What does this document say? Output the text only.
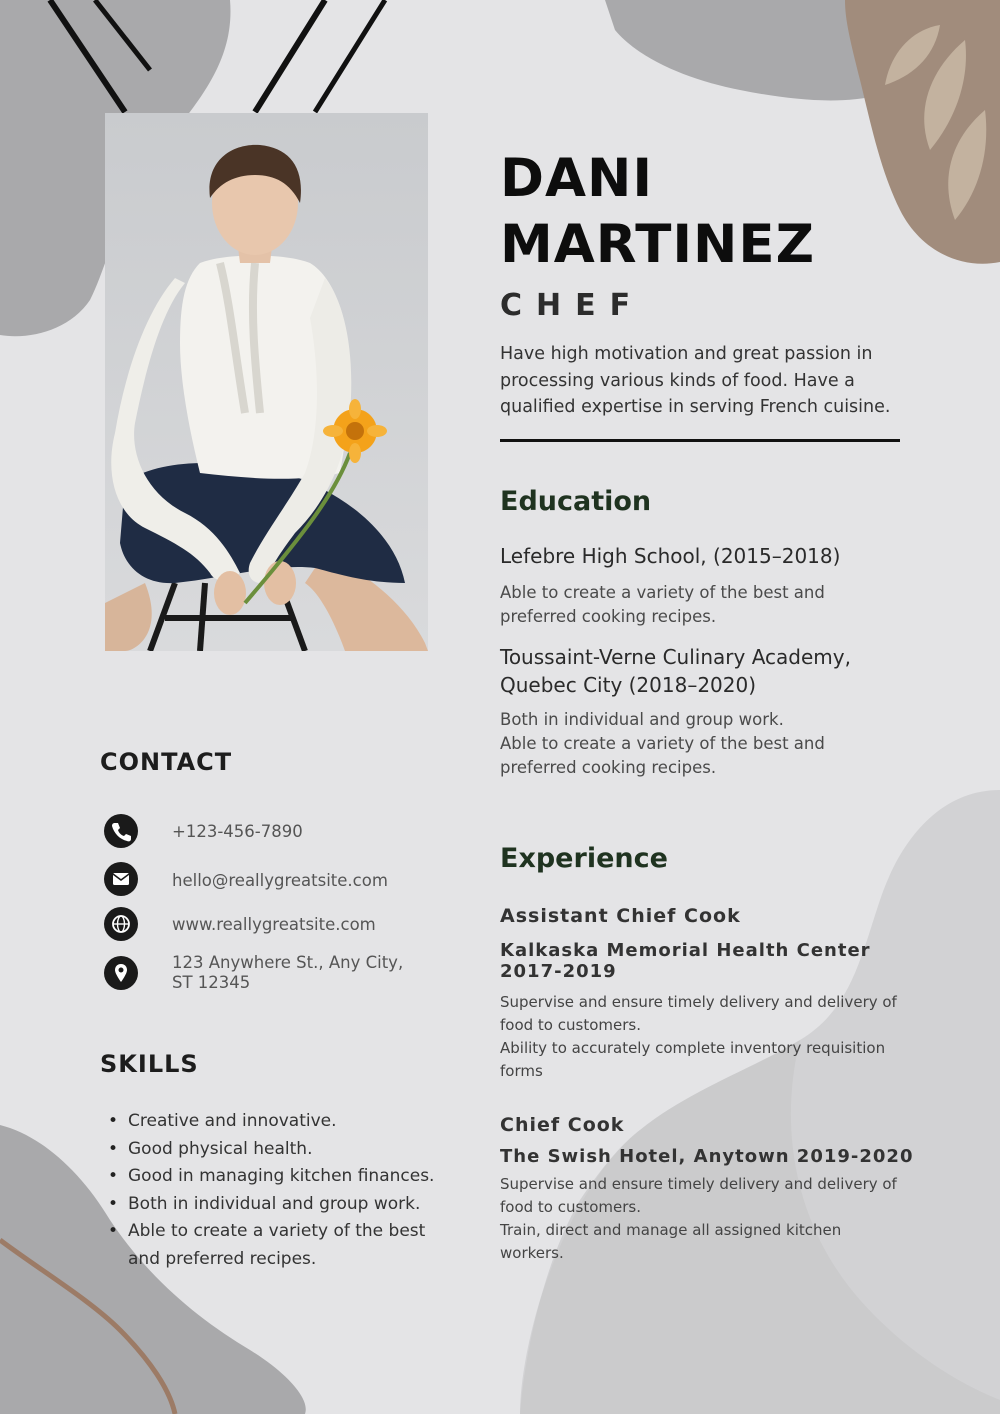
DANI
MARTINEZ
CHEF
Have high motivation and great passion in processing various kinds of food. Have a qualified expertise in serving French cuisine.
Education
Lefebre High School, (2015–2018)
Able to create a variety of the best and preferred cooking recipes.
Toussaint-Verne Culinary Academy,
Quebec City (2018–2020)
Both in individual and group work.
Able to create a variety of the best and preferred cooking recipes.
Experience
Assistant Chief Cook
Kalkaska Memorial Health Center
2017-2019
Supervise and ensure timely delivery and delivery of food to customers.
Ability to accurately complete inventory requisition forms
Chief Cook
The Swish Hotel, Anytown 2019-2020
Supervise and ensure timely delivery and delivery of food to customers.
Train, direct and manage all assigned kitchen workers.
CONTACT
+123-456-7890
hello@reallygreatsite.com
www.reallygreatsite.com
123 Anywhere St., Any City,
ST 12345
SKILLS
• Creative and innovative.
• Good physical health.
• Good in managing kitchen finances.
• Both in individual and group work.
• Able to create a variety of the best and preferred recipes.
